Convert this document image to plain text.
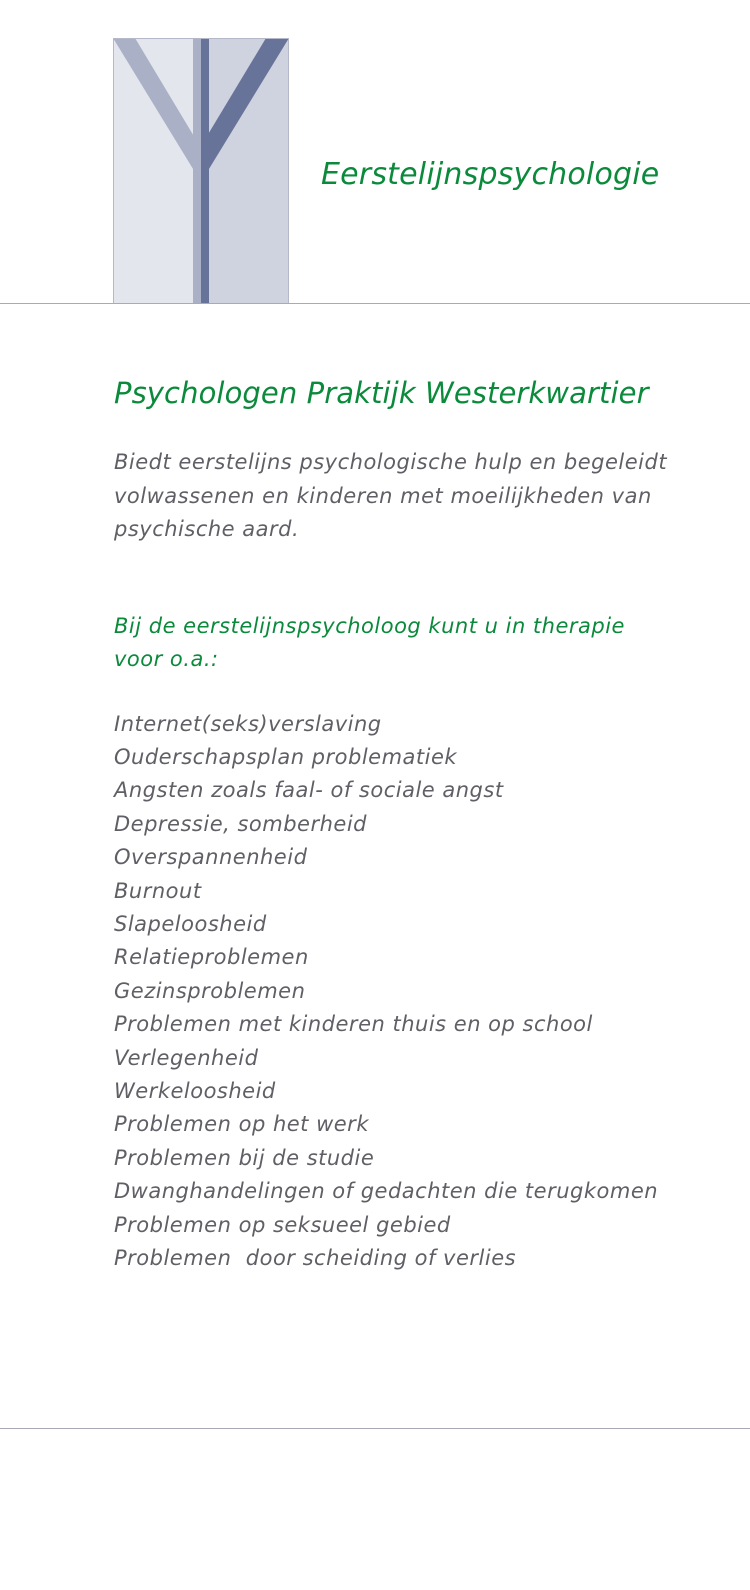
Eerstelijnspsychologie
Psychologen Praktijk Westerkwartier

Biedt eerstelijns psychologische hulp en begeleidt volwassenen en kinderen met moeilijkheden van psychische aard.

Bij de eerstelijnspsycholoog kunt u in therapie voor o.a.:

Internet(seks)verslaving
Ouderschapsplan problematiek
Angsten zoals faal- of sociale angst
Depressie, somberheid
Overspannenheid
Burnout
Slapeloosheid
Relatieproblemen
Gezinsproblemen
Problemen met kinderen thuis en op school
Verlegenheid
Werkeloosheid
Problemen op het werk
Problemen bij de studie
Dwanghandelingen of gedachten die terugkomen
Problemen op seksueel gebied
Problemen  door scheiding of verlies
